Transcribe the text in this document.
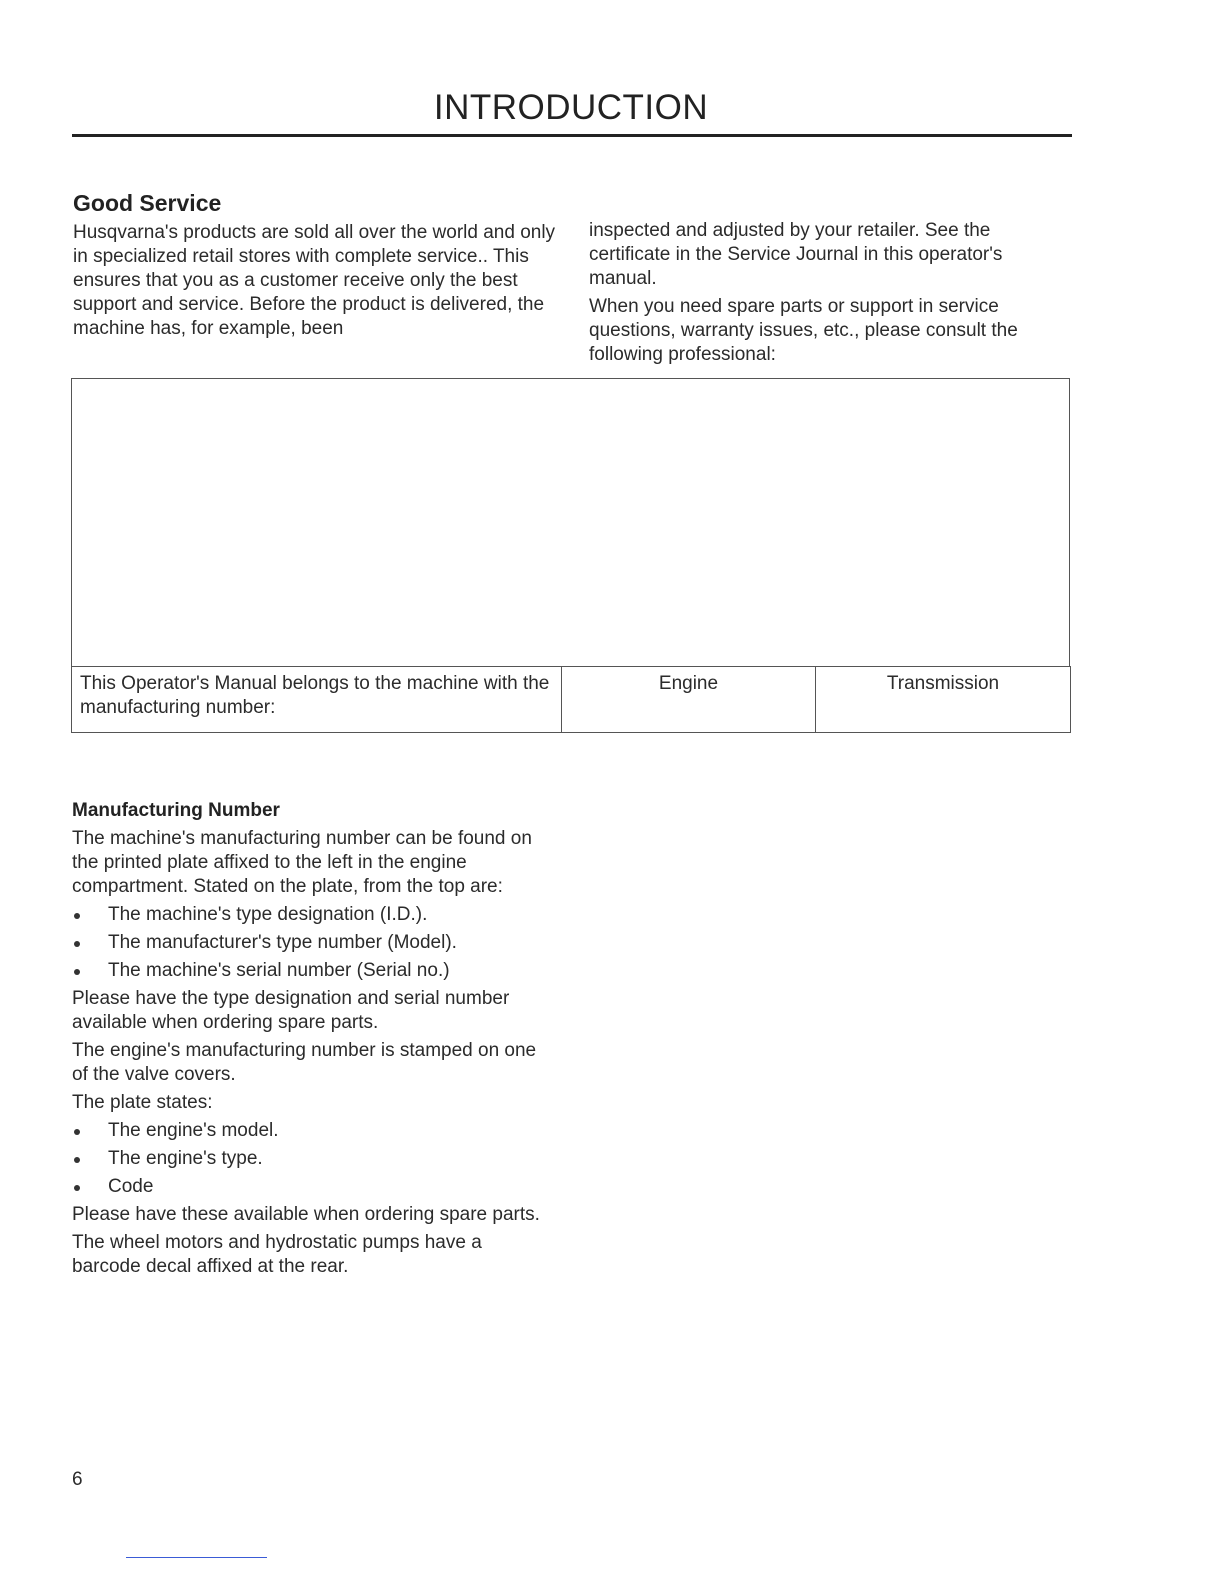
INTRODUCTION
Good Service

Husqvarna's products are sold all over the world and only in specialized retail stores with complete service.. This ensures that you as a customer receive only the best support and service. Before the product is delivered, the machine has, for example, been

inspected and adjusted by your retailer. See the certificate in the Service Journal in this operator's manual.

When you need spare parts or support in service questions, warranty issues, etc., please consult the following professional:

This Operator's Manual belongs to the machine with the manufacturing number:	Engine	Transmission
Manufacturing Number

The machine's manufacturing number can be found on the printed plate affixed to the left in the engine compartment. Stated on the plate, from the top are:

The machine's type designation (I.D.).
The manufacturer's type number (Model).
The machine's serial number (Serial no.)

Please have the type designation and serial number available when ordering spare parts.

The engine's manufacturing number is stamped on one of the valve covers.

The plate states:

The engine's model.
The engine's type.
Code

Please have these available when ordering spare parts.

The wheel motors and hydrostatic pumps have a barcode decal affixed at the rear.

6
